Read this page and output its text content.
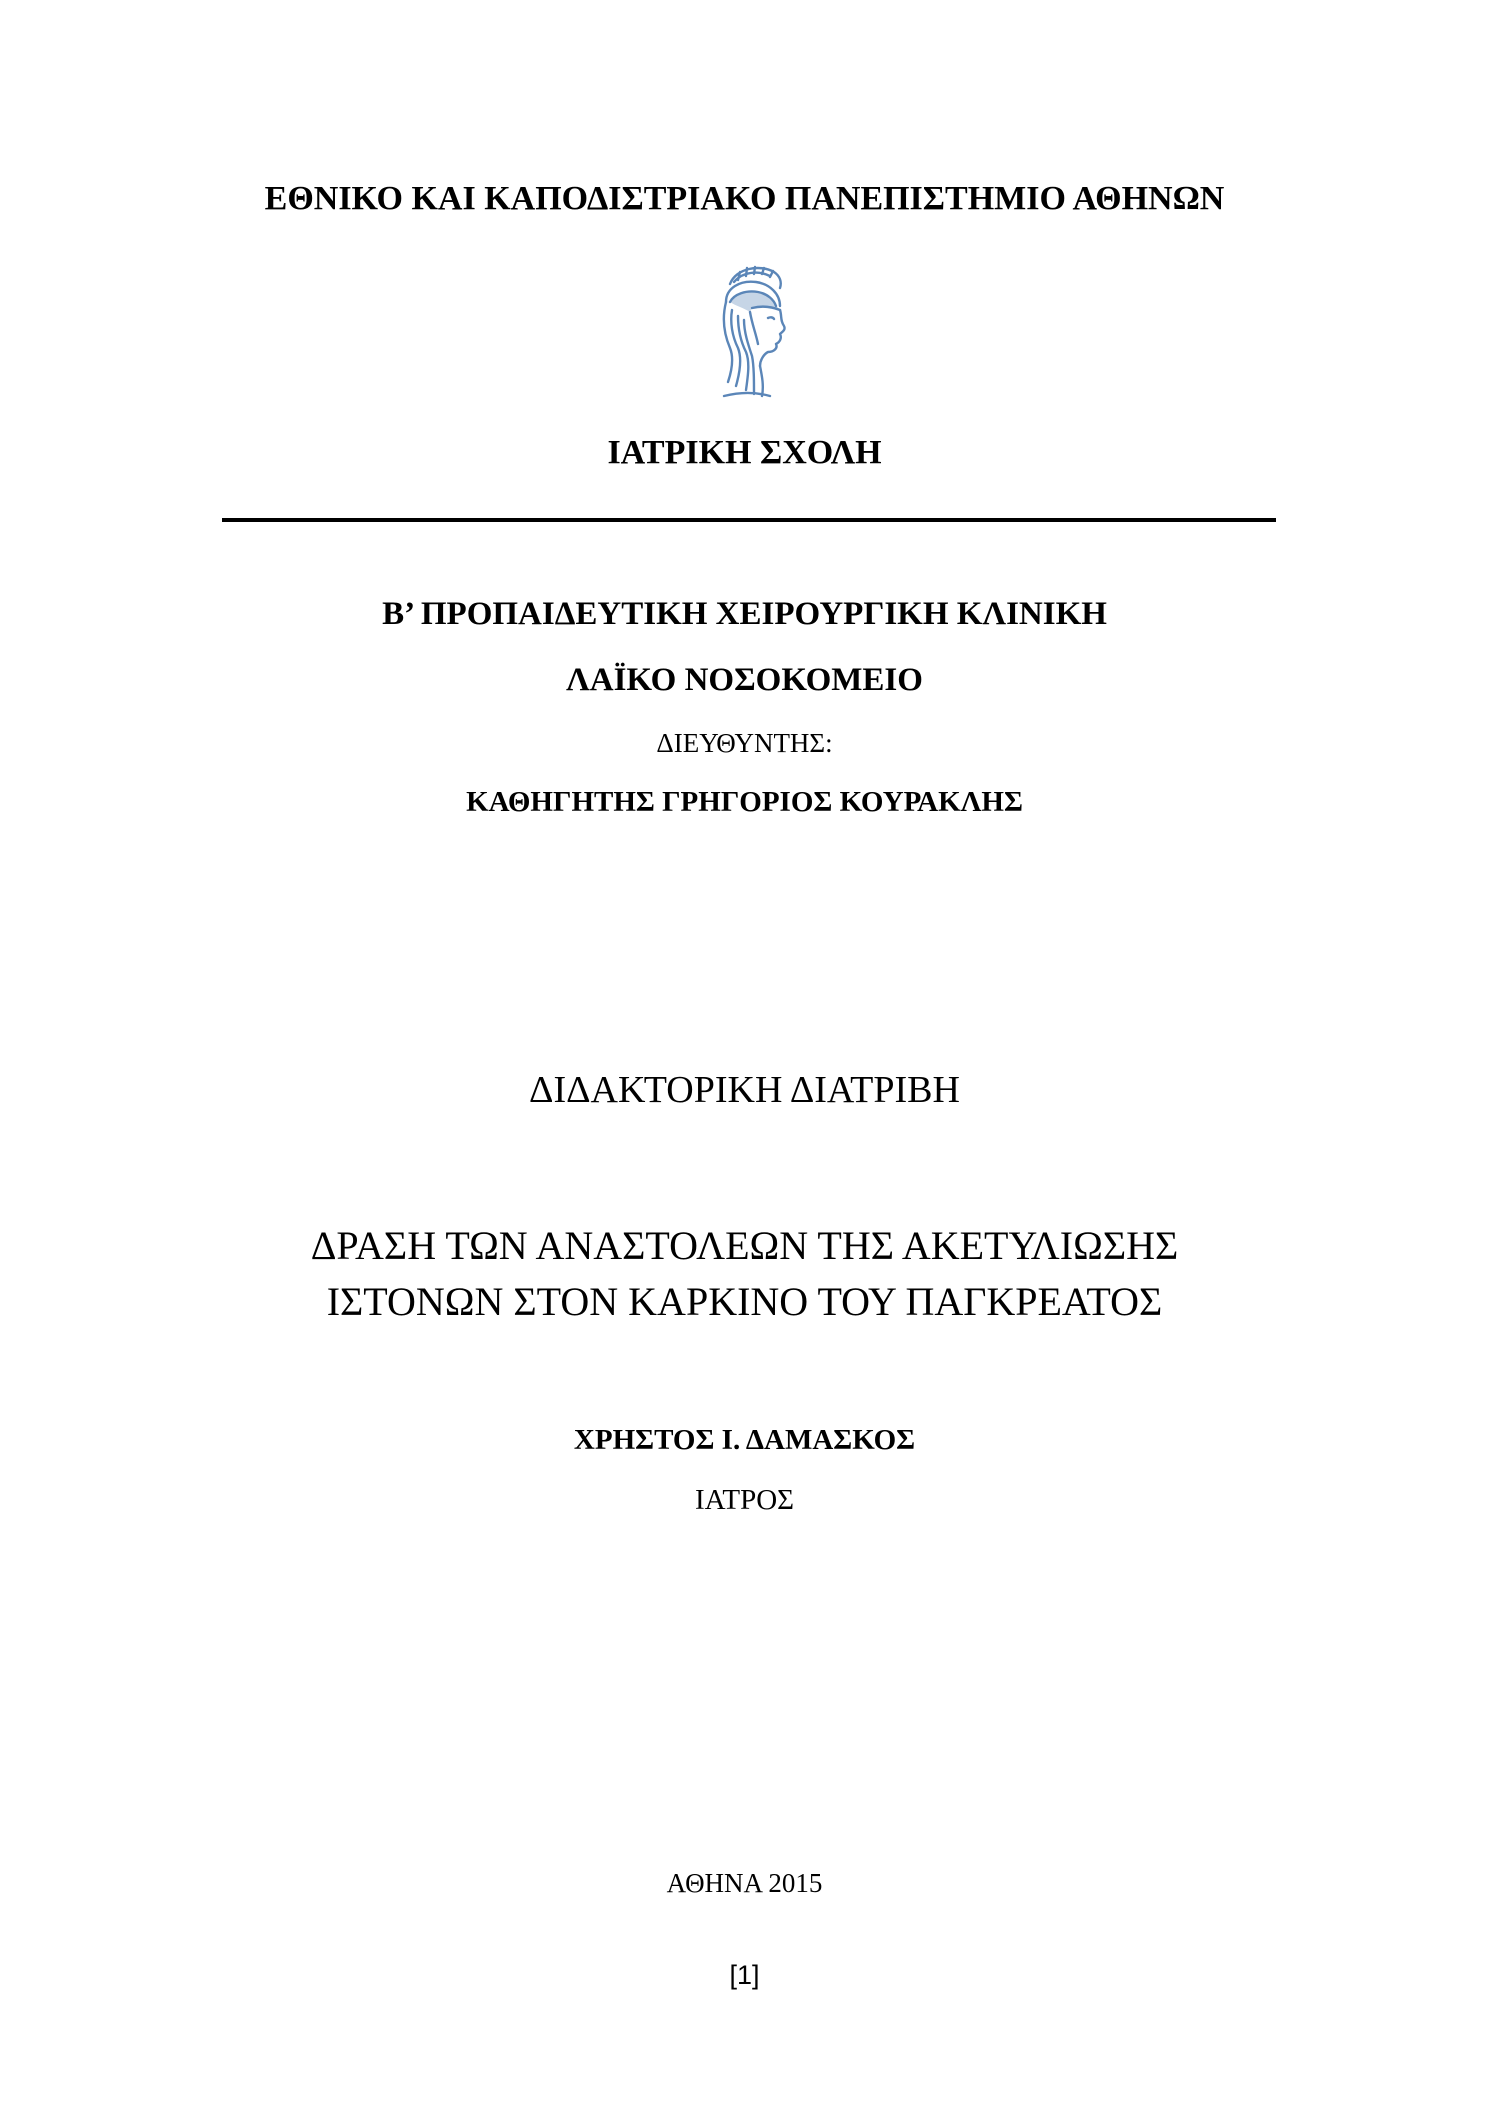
ΕΘΝΙΚΟ ΚΑΙ ΚΑΠΟΔΙΣΤΡΙΑΚΟ ΠΑΝΕΠΙΣΤΗΜΙΟ ΑΘΗΝΩΝ
ΙΑΤΡΙΚΗ ΣΧΟΛΗ
Β’ ΠΡΟΠΑΙΔΕΥΤΙΚΗ ΧΕΙΡΟΥΡΓΙΚΗ ΚΛΙΝΙΚΗ
ΛΑΪΚΟ ΝΟΣΟΚΟΜΕΙΟ
ΔΙΕΥΘΥΝΤΗΣ:
ΚΑΘΗΓΗΤΗΣ ΓΡΗΓΟΡΙΟΣ ΚΟΥΡΑΚΛΗΣ
ΔΙΔΑΚΤΟΡΙΚΗ ΔΙΑΤΡΙΒΗ
ΔΡΑΣΗ ΤΩΝ ΑΝΑΣΤΟΛΕΩΝ ΤΗΣ ΑΚΕΤΥΛΙΩΣΗΣ
ΙΣΤΟΝΩΝ ΣΤΟΝ ΚΑΡΚΙΝΟ ΤΟΥ ΠΑΓΚΡΕΑΤΟΣ
ΧΡΗΣΤΟΣ Ι. ΔΑΜΑΣΚΟΣ
ΙΑΤΡΟΣ
ΑΘΗΝΑ 2015
[1]
